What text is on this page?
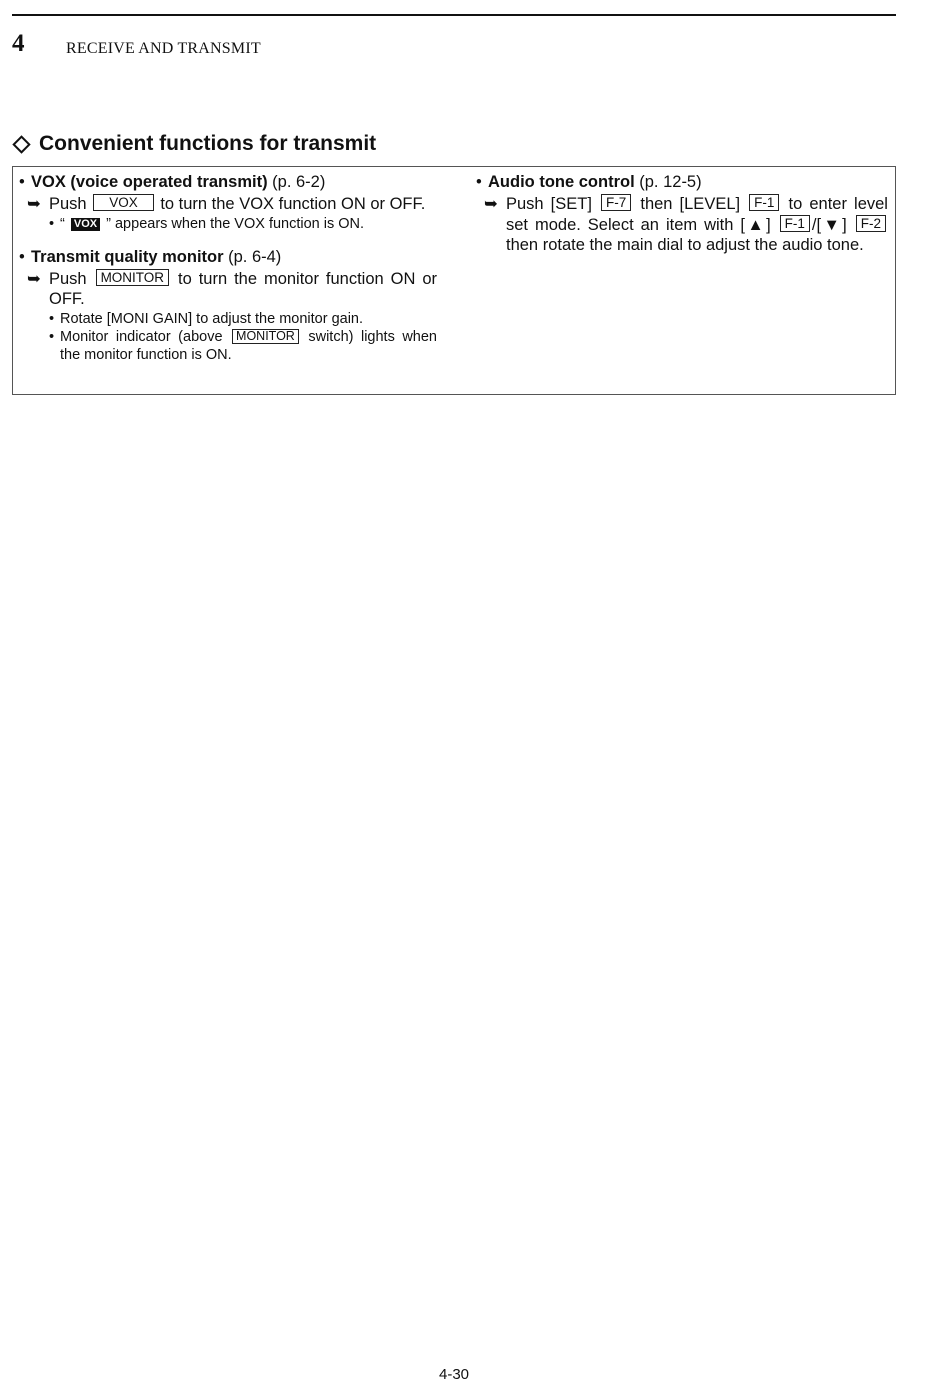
4	RECEIVE AND TRANSMIT
Convenient functions for transmit

• VOX (voice operated transmit) (p. 6-2)

➥ Push VOX to turn the VOX function ON or OFF.
• “ VOX ” appears when the VOX function is ON.

• Transmit quality monitor (p. 6-4)

➥ Push MONITOR to turn the monitor function ON or OFF.
• Rotate [MONI GAIN] to adjust the monitor gain.
• Monitor indicator (above MONITOR switch) lights when the monitor function is ON.

• Audio tone control (p. 12-5)

➥ Push [SET] F-7 then [LEVEL] F-1 to enter level set mode. Select an item with [▲] F-1 /[▼] F-2 then rotate the main dial to adjust the audio tone.
4-30
